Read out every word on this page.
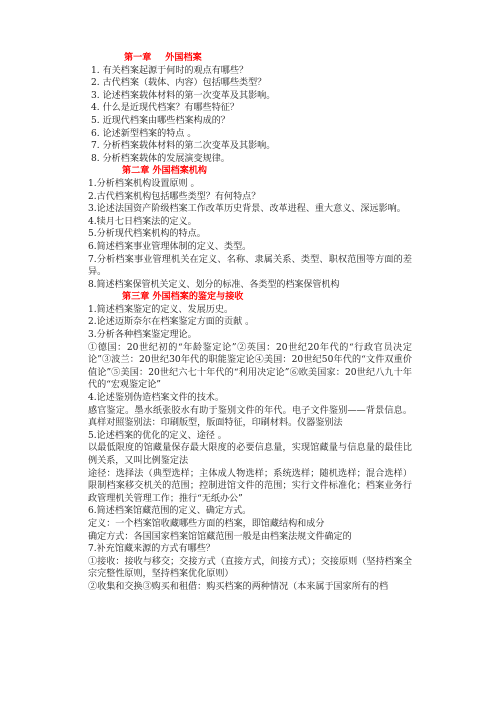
第一章 外国档案

1. 有关档案起源于何时的观点有哪些？

2. 古代档案（载体、内容）包括哪些类型？

3. 论述档案载体材料的第一次变革及其影响。

4. 什么是近现代档案？有哪些特征？

5. 近现代档案由哪些档案构成的？

6. 论述新型档案的特点 。

7. 分析档案载体材料的第二次变革及其影响。

8. 分析档案载体的发展演变规律。

第二章 外国档案机构

1.分析档案机构设置原则 。

2.古代档案机构包括哪些类型？有何特点？

3.论述法国资产阶级档案工作改革历史背景、改革进程、重大意义、深远影响。

4.犊月七日档案法的定义。

5.分析现代档案机构的特点。

6.简述档案事业管理体制的定义、类型。

7.分析档案事业管理机关在定义、名称、隶属关系、类型、职权范围等方面的差异。

8.简述档案保管机关定义、划分的标准、各类型的档案保管机构

第三章 外国档案的鉴定与接收

1.简述档案鉴定的定义、发展历史。

2.论述迈斯奈尔在档案鉴定方面的贡献 。

3.分析各种档案鉴定理论。

①德国：20世纪初的“年龄鉴定论”②英国：20世纪20年代的“行政官员决定论”③波兰：20世纪30年代的职能鉴定论④美国：20世纪50年代的“文件双重价值论”⑤美国：20世纪六七十年代的“利用决定论”⑥欧美国家：20世纪八九十年代的“宏观鉴定论”

4.论述鉴别伪造档案文件的技术。

感官鉴定。墨水纸张胶水有助于鉴别文件的年代。电子文件鉴别——背景信息。真样对照鉴别法：印刷版型，版面特征，印刷材料。仪器鉴别法

5.论述档案的优化的定义、途径 。

以最低限度的馆藏量保存最大限度的必要信息量，实现馆藏量与信息量的最佳比例关系，又叫比例鉴定法

途径：选择法（典型选样；主体成人物选样；系统选样；随机选样；混合选样）限制档案移交机关的范围；控制进馆文件的范围；实行文件标准化；档案业务行政管理机关管理工作；推行“无纸办公”

6.简述档案馆藏范围的定义、确定方式。

定义：一个档案馆收藏哪些方面的档案，即馆藏结构和成分

确定方式：各国国家档案馆馆藏范围一般是由档案法规文件确定的

7.补充馆藏来源的方式有哪些？

①接收：接收与移交；交接方式（直接方式，间接方式）；交接原则（坚持档案全宗完整性原则，坚持档案优化原则）

②收集和交换③购买和租借：购买档案的两种情况（本来属于国家所有的档
